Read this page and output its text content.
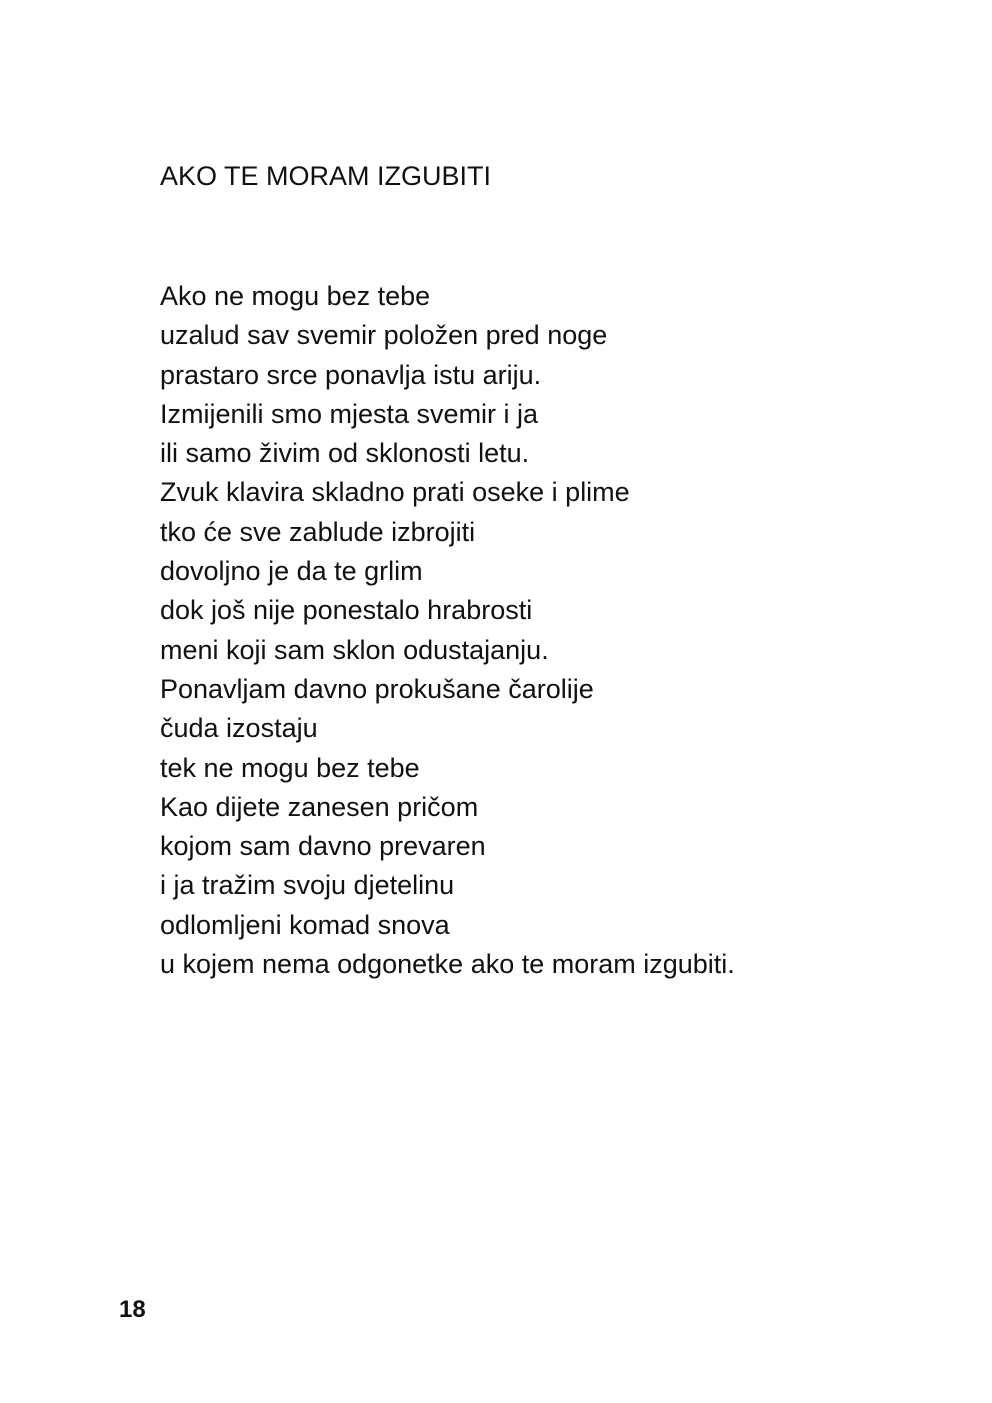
AKO TE MORAM IZGUBITI
Ako ne mogu bez tebe
uzalud sav svemir položen pred noge
prastaro srce ponavlja istu ariju.
Izmijenili smo mjesta svemir i ja
ili samo živim od sklonosti letu.
Zvuk klavira skladno prati oseke i plime
tko će sve zablude izbrojiti
dovoljno je da te grlim
dok još nije ponestalo hrabrosti
meni koji sam sklon odustajanju.
Ponavljam davno prokušane čarolije
čuda izostaju
tek ne mogu bez tebe
Kao dijete zanesen pričom
kojom sam davno prevaren
i ja tražim svoju djetelinu
odlomljeni komad snova
u kojem nema odgonetke ako te moram izgubiti.
18
